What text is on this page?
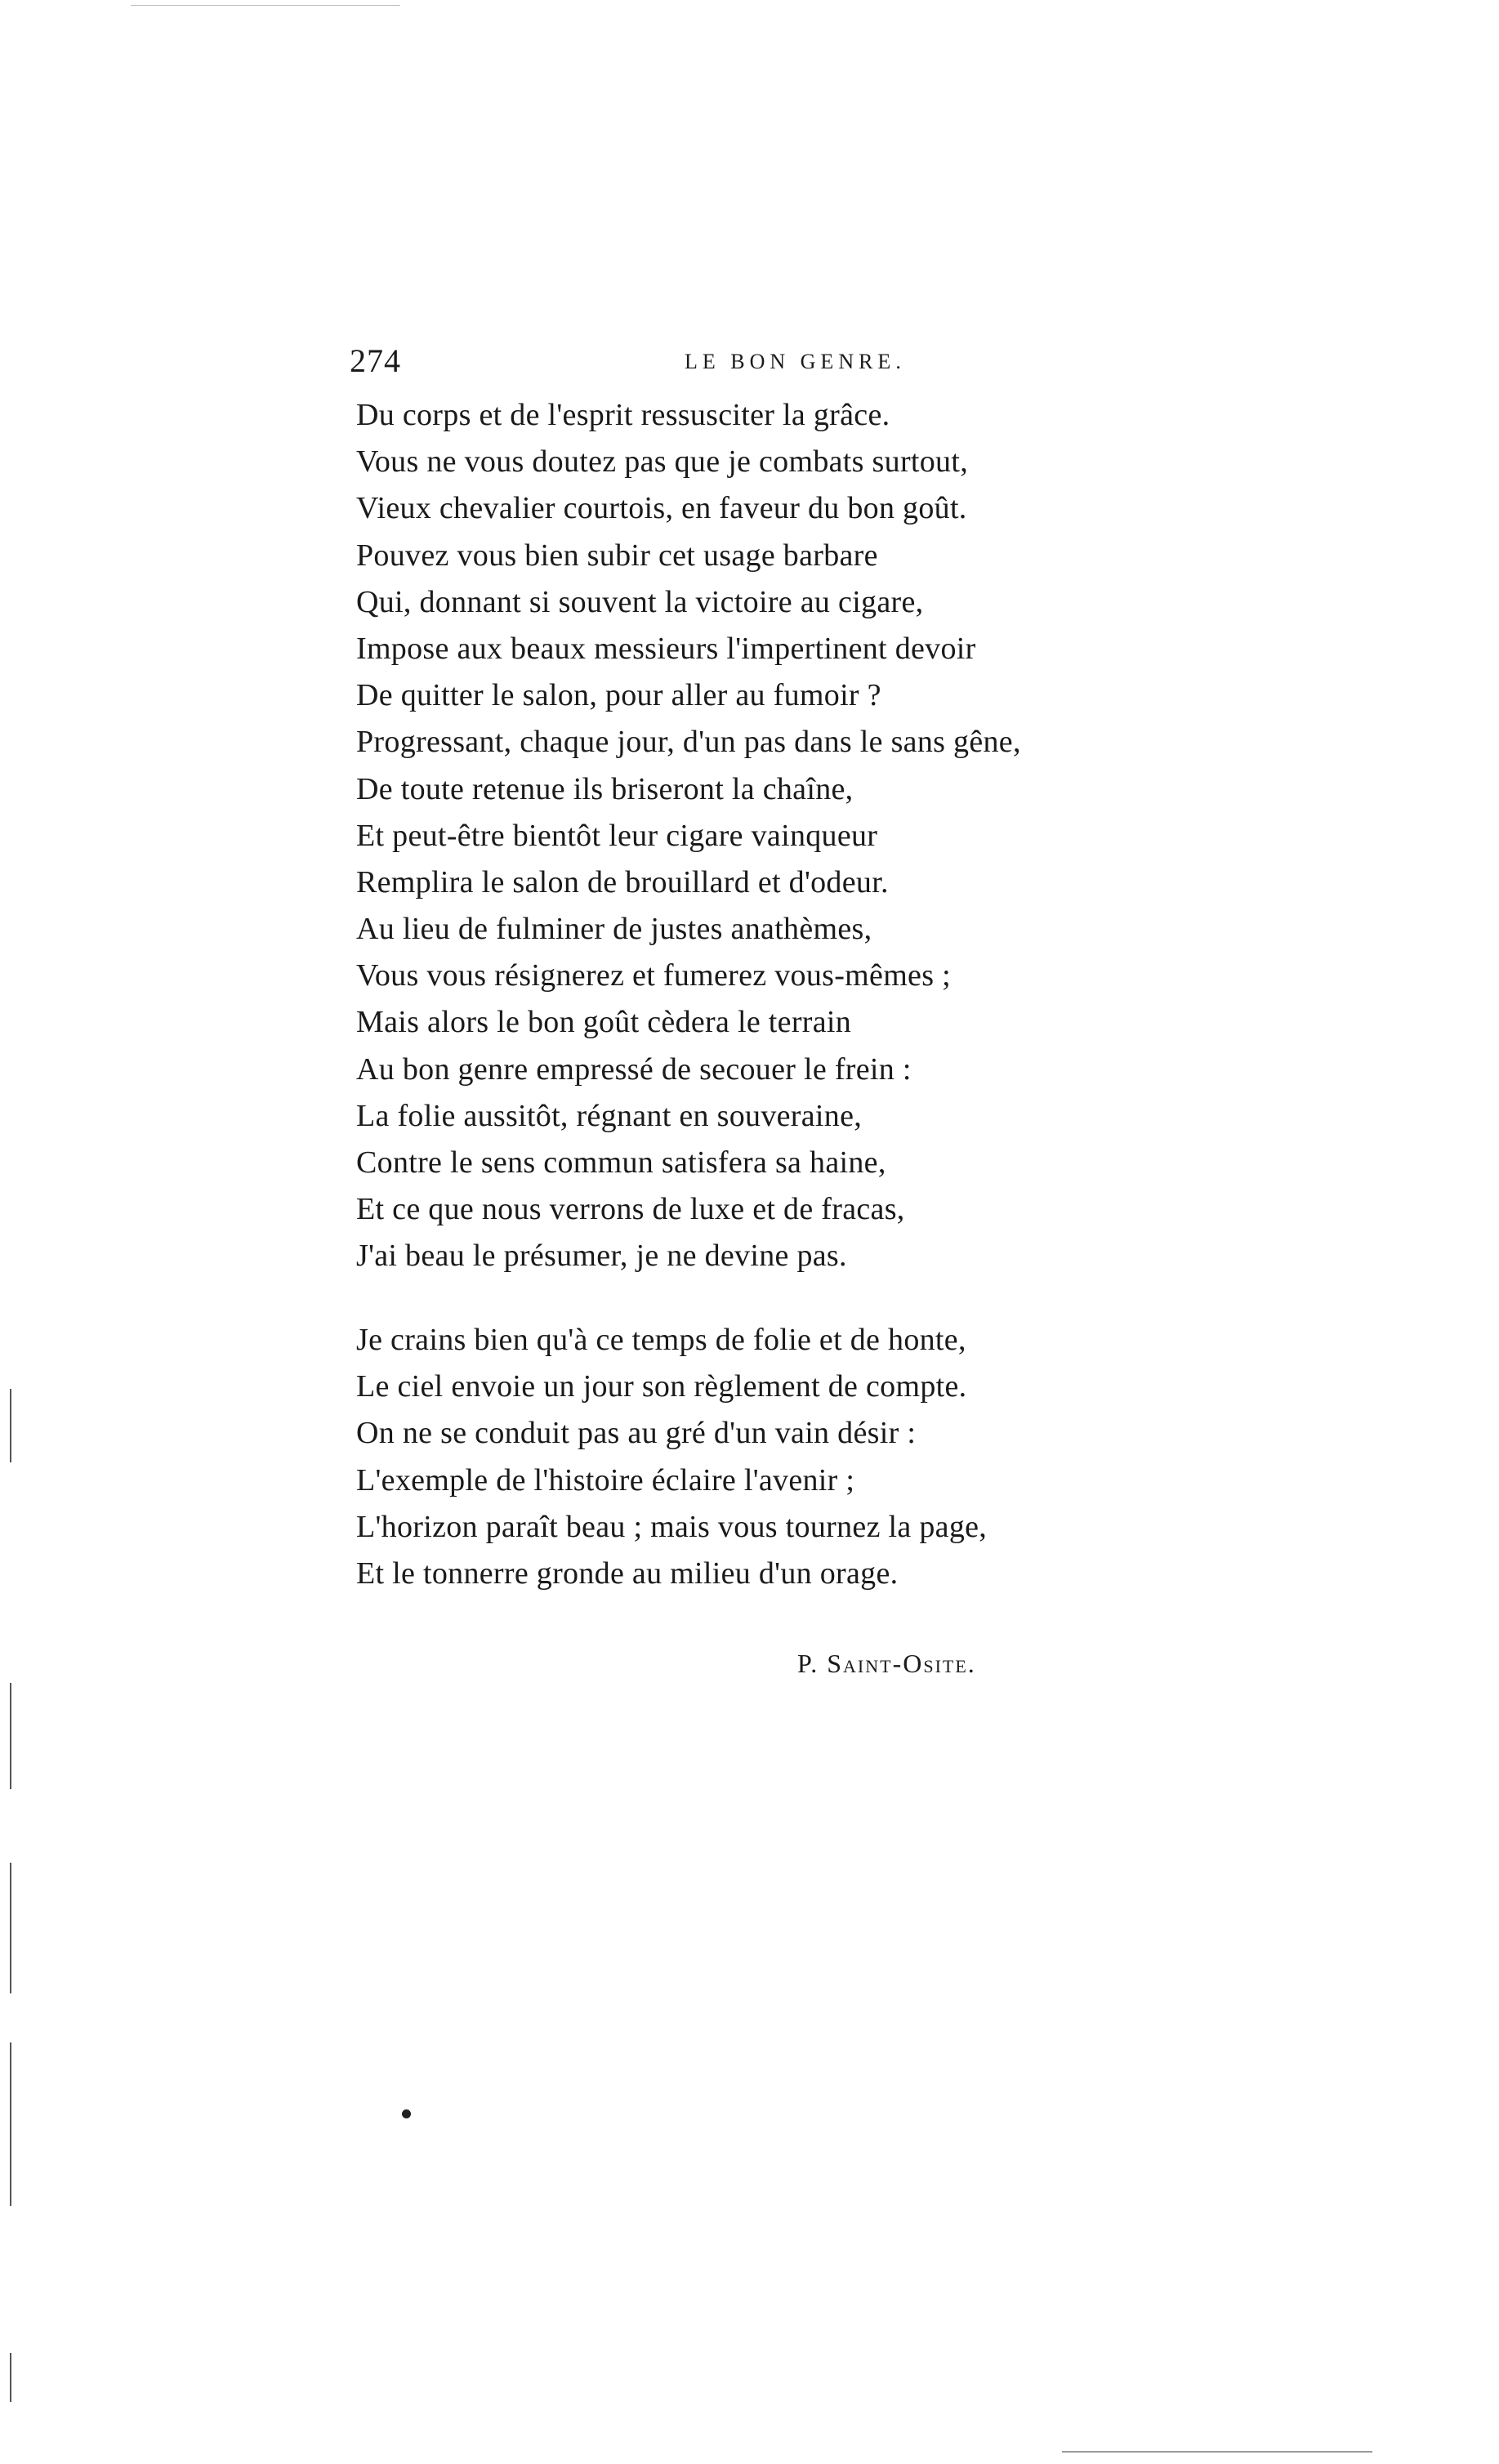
274	LE BON GENRE.
Du corps et de l'esprit ressusciter la grâce.
Vous ne vous doutez pas que je combats surtout,
Vieux chevalier courtois, en faveur du bon goût.
Pouvez vous bien subir cet usage barbare
Qui, donnant si souvent la victoire au cigare,
Impose aux beaux messieurs l'impertinent devoir
De quitter le salon, pour aller au fumoir ?
Progressant, chaque jour, d'un pas dans le sans gêne,
De toute retenue ils briseront la chaîne,
Et peut-être bientôt leur cigare vainqueur
Remplira le salon de brouillard et d'odeur.
Au lieu de fulminer de justes anathèmes,
Vous vous résignerez et fumerez vous-mêmes ;
Mais alors le bon goût cèdera le terrain
Au bon genre empressé de secouer le frein :
La folie aussitôt, régnant en souveraine,
Contre le sens commun satisfera sa haine,
Et ce que nous verrons de luxe et de fracas,
J'ai beau le présumer, je ne devine pas.
Je crains bien qu'à ce temps de folie et de honte,
Le ciel envoie un jour son règlement de compte.
On ne se conduit pas au gré d'un vain désir :
L'exemple de l'histoire éclaire l'avenir ;
L'horizon paraît beau ; mais vous tournez la page,
Et le tonnerre gronde au milieu d'un orage.
P. Saint-Osite.
